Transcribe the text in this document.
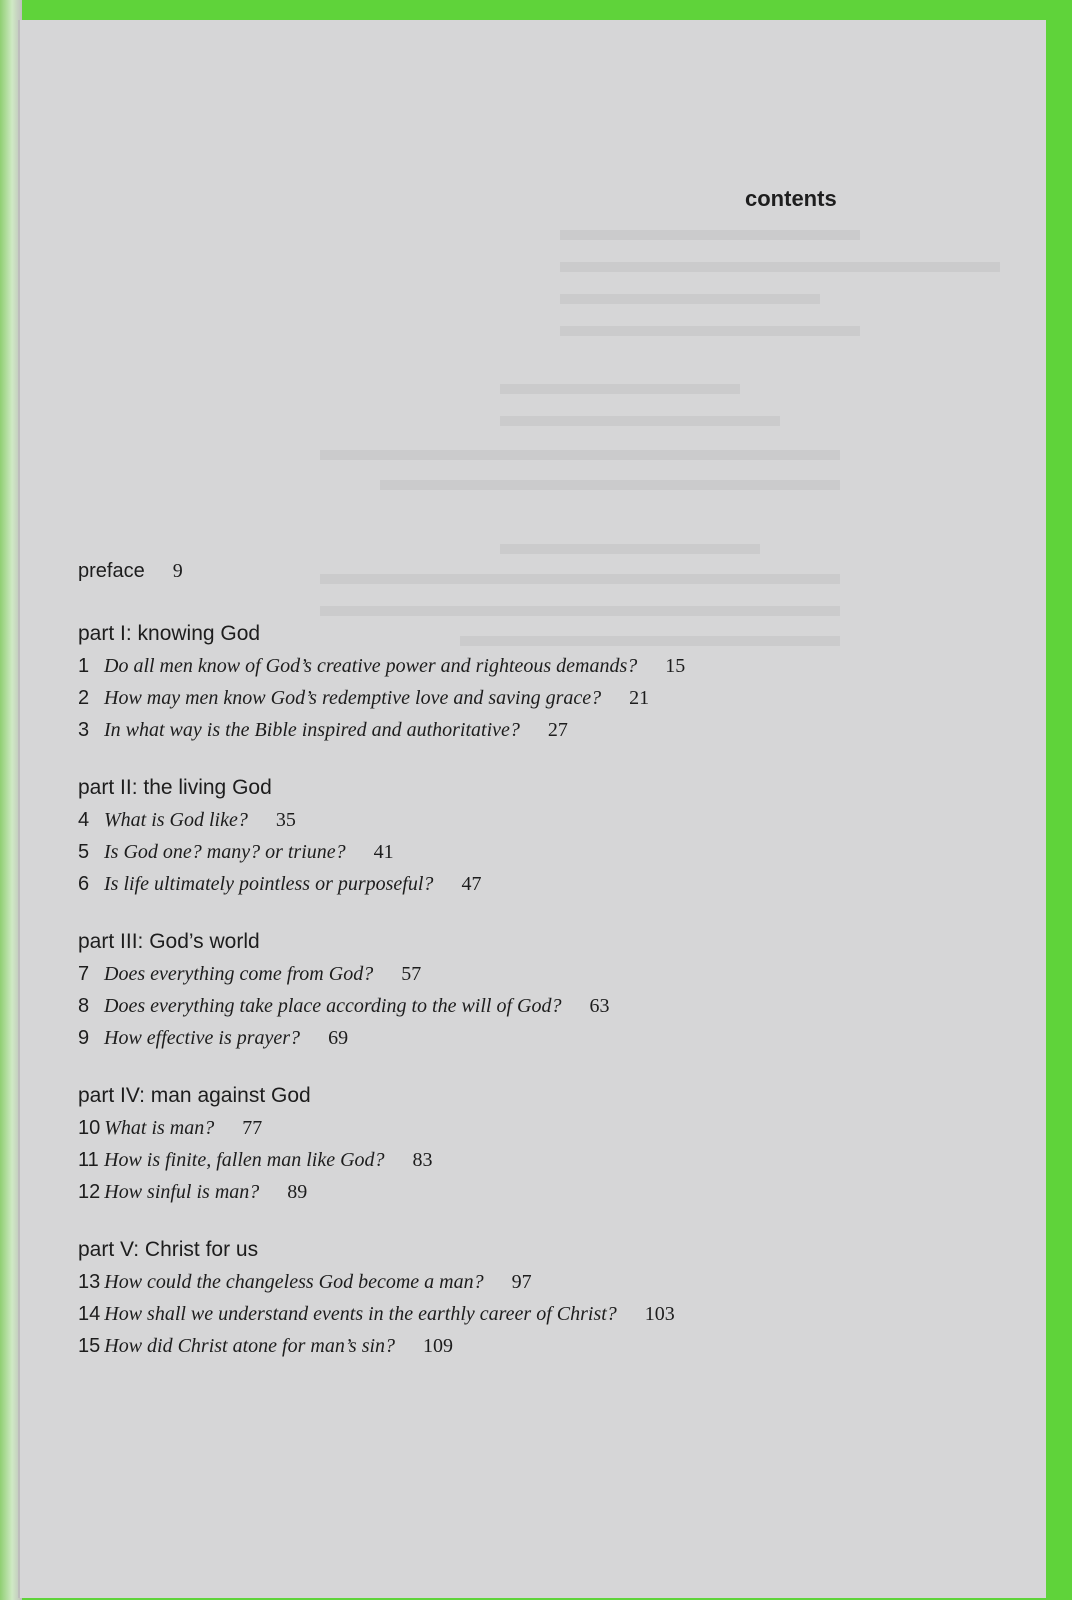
contents
preface 9
part I: knowing God
1 Do all men know of God’s creative power and righteous demands? 15
2 How may men know God’s redemptive love and saving grace? 21
3 In what way is the Bible inspired and authoritative? 27
part II: the living God
4 What is God like? 35
5 Is God one? many? or triune? 41
6 Is life ultimately pointless or purposeful? 47
part III: God’s world
7 Does everything come from God? 57
8 Does everything take place according to the will of God? 63
9 How effective is prayer? 69
part IV: man against God
10 What is man? 77
11 How is finite, fallen man like God? 83
12 How sinful is man? 89
part V: Christ for us
13 How could the changeless God become a man? 97
14 How shall we understand events in the earthly career of Christ? 103
15 How did Christ atone for man’s sin? 109
